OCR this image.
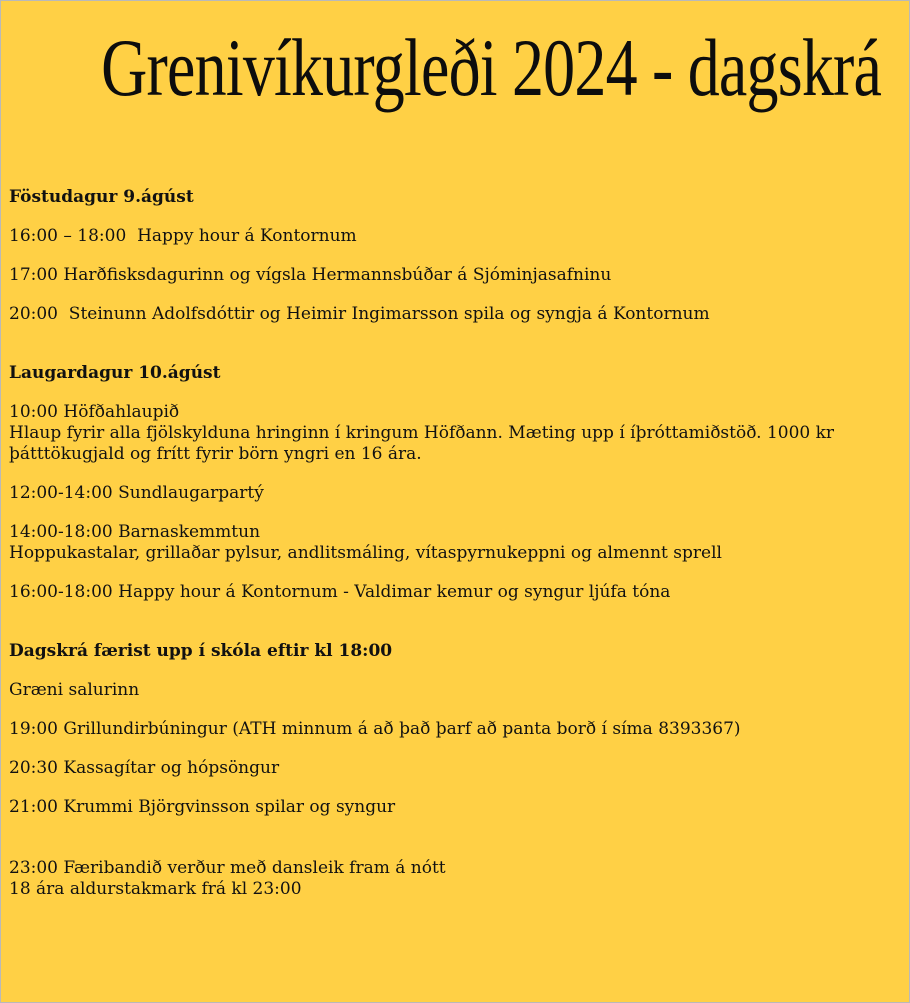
Grenivíkurgleði 2024 - dagskrá
Föstudagur 9.ágúst
16:00 – 18:00  Happy hour á Kontornum
17:00 Harðfisksdagurinn og vígsla Hermannsbúðar á Sjóminjasafninu
20:00  Steinunn Adolfsdóttir og Heimir Ingimarsson spila og syngja á Kontornum
Laugardagur 10.ágúst
10:00 Höfðahlaupið
Hlaup fyrir alla fjölskylduna hringinn í kringum Höfðann. Mæting upp í íþróttamiðstöð. 1000 kr þátttökugjald og frítt fyrir börn yngri en 16 ára.
12:00-14:00 Sundlaugarpartý
14:00-18:00 Barnaskemmtun
Hoppukastalar, grillaðar pylsur, andlitsmáling, vítaspyrnukeppni og almennt sprell
16:00-18:00 Happy hour á Kontornum - Valdimar kemur og syngur ljúfa tóna
Dagskrá færist upp í skóla eftir kl 18:00
Græni salurinn
19:00 Grillundirbúningur (ATH minnum á að það þarf að panta borð í síma 8393367)
20:30 Kassagítar og hópsöngur
21:00 Krummi Björgvinsson spilar og syngur
23:00 Færibandið verður með dansleik fram á nótt
18 ára aldurstakmark frá kl 23:00
